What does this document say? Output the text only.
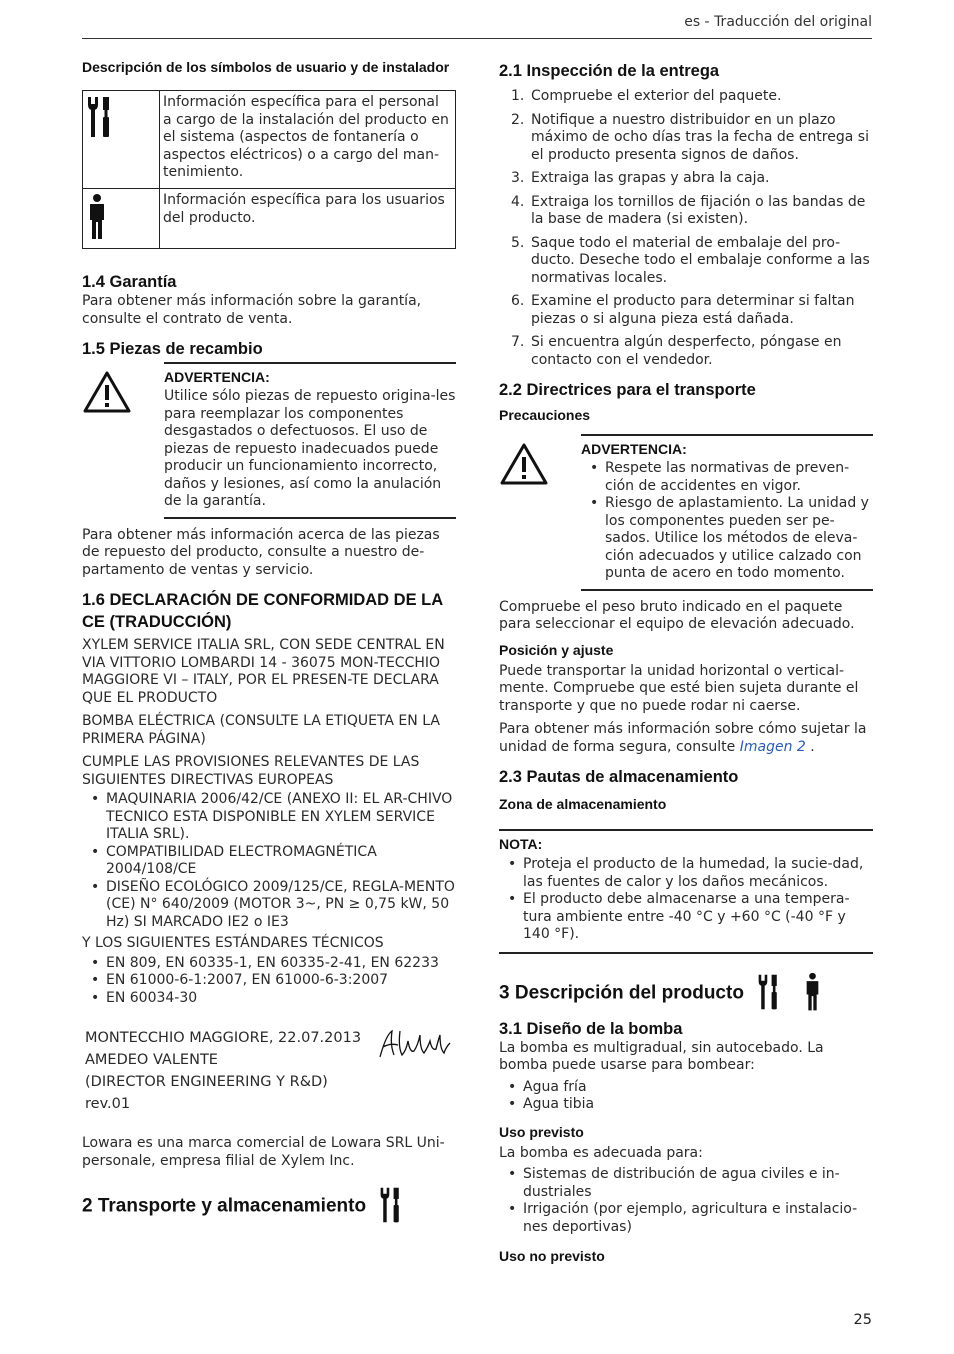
es - Traducción del original

Descripción de los símbolos de usuario y de instalador

	Información específica para el personal a cargo de la instalación del producto en el sistema (aspectos de fontanería o aspectos eléctricos) o a cargo del man-tenimiento.
	Información específica para los usuarios del producto.

1.4 Garantía

Para obtener más información sobre la garantía, consulte el contrato de venta.

1.5 Piezas de recambio

ADVERTENCIA:
Utilice sólo piezas de repuesto origina-les para reemplazar los componentes desgastados o defectuosos. El uso de piezas de repuesto inadecuados puede producir un funcionamiento incorrecto, daños y lesiones, así como la anulación de la garantía.

Para obtener más información acerca de las piezas de repuesto del producto, consulte a nuestro de-partamento de ventas y servicio.

1.6 DECLARACIÓN DE CONFORMIDAD DE LA CE (TRADUCCIÓN)

XYLEM SERVICE ITALIA SRL, CON SEDE CENTRAL EN VIA VITTORIO LOMBARDI 14 - 36075 MON-TECCHIO MAGGIORE VI – ITALY, POR EL PRESEN-TE DECLARA QUE EL PRODUCTO

BOMBA ELÉCTRICA (CONSULTE LA ETIQUETA EN LA PRIMERA PÁGINA)

CUMPLE LAS PROVISIONES RELEVANTES DE LAS SIGUIENTES DIRECTIVAS EUROPEAS

• MAQUINARIA 2006/42/CE (ANEXO II: EL AR-CHIVO TECNICO ESTA DISPONIBLE EN XYLEM SERVICE ITALIA SRL).
• COMPATIBILIDAD ELECTROMAGNÉTICA 2004/108/CE
• DISEÑO ECOLÓGICO 2009/125/CE, REGLA-MENTO (CE) N° 640/2009 (MOTOR 3~, PN ≥ 0,75 kW, 50 Hz) SI MARCADO IE2 o IE3

Y LOS SIGUIENTES ESTÁNDARES TÉCNICOS

• EN 809, EN 60335-1, EN 60335-2-41, EN 62233
• EN 61000-6-1:2007, EN 61000-6-3:2007
• EN 60034-30
MONTECCHIO MAGGIORE, 22.07.2013
AMEDEO VALENTE
(DIRECTOR ENGINEERING Y R&D)
rev.01

Lowara es una marca comercial de Lowara SRL Uni-personale, empresa filial de Xylem Inc.

2 Transporte y almacenamiento

2.1 Inspección de la entrega

1. Compruebe el exterior del paquete.
2. Notifique a nuestro distribuidor en un plazo máximo de ocho días tras la fecha de entrega si el producto presenta signos de daños.
3. Extraiga las grapas y abra la caja.
4. Extraiga los tornillos de fijación o las bandas de la base de madera (si existen).
5. Saque todo el material de embalaje del pro-ducto. Deseche todo el embalaje conforme a las normativas locales.
6. Examine el producto para determinar si faltan piezas o si alguna pieza está dañada.
7. Si encuentra algún desperfecto, póngase en contacto con el vendedor.

2.2 Directrices para el transporte

Precauciones

ADVERTENCIA:
• Respete las normativas de preven-ción de accidentes en vigor.
• Riesgo de aplastamiento. La unidad y los componentes pueden ser pe-sados. Utilice los métodos de eleva-ción adecuados y utilice calzado con punta de acero en todo momento.

Compruebe el peso bruto indicado en el paquete para seleccionar el equipo de elevación adecuado.

Posición y ajuste

Puede transportar la unidad horizontal o vertical-mente. Compruebe que esté bien sujeta durante el transporte y que no puede rodar ni caerse.

Para obtener más información sobre cómo sujetar la unidad de forma segura, consulte Imagen 2 .

2.3 Pautas de almacenamiento

Zona de almacenamiento

NOTA:
• Proteja el producto de la humedad, la sucie-dad, las fuentes de calor y los daños mecánicos.
• El producto debe almacenarse a una tempera-tura ambiente entre -40 °C y +60 °C (-40 °F y 140 °F).
3 Descripción del producto

3.1 Diseño de la bomba

La bomba es multigradual, sin autocebado. La bomba puede usarse para bombear:

• Agua fría
• Agua tibia

Uso previsto

La bomba es adecuada para:

• Sistemas de distribución de agua civiles e in-dustriales
• Irrigación (por ejemplo, agricultura e instalacio-nes deportivas)

Uso no previsto

25
